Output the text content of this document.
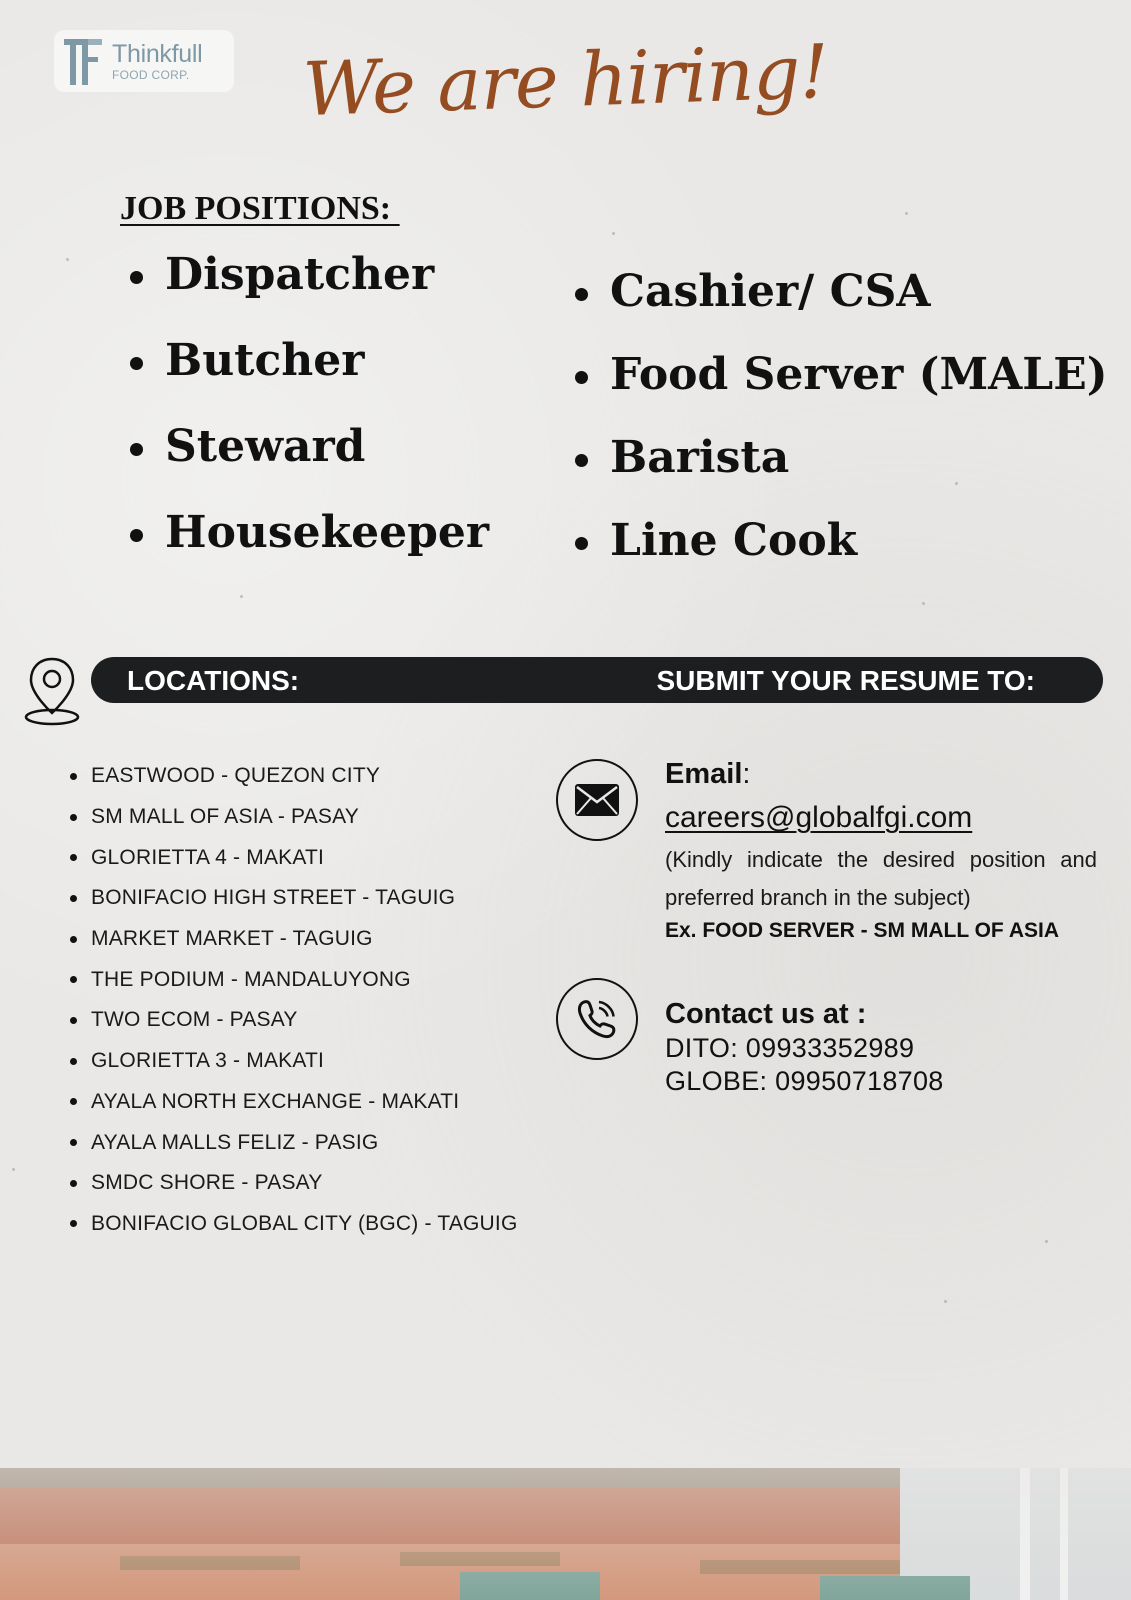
Thinkfull
FOOD CORP.	We are hiring!
JOB POSITIONS:
Dispatcher
Butcher
Steward
Housekeeper
Cashier/ CSA
Food Server (MALE)
Barista
Line Cook
LOCATIONS:	SUBMIT YOUR RESUME TO:
EASTWOOD - QUEZON CITY
SM MALL OF ASIA - PASAY
GLORIETTA 4 - MAKATI
BONIFACIO HIGH STREET - TAGUIG
MARKET MARKET - TAGUIG
THE PODIUM - MANDALUYONG
TWO ECOM - PASAY
GLORIETTA 3 - MAKATI
AYALA NORTH EXCHANGE - MAKATI
AYALA MALLS FELIZ - PASIG
SMDC SHORE - PASAY
BONIFACIO GLOBAL CITY (BGC) - TAGUIG
Email:
careers@globalfgi.com
(Kindly indicate the desired position and preferred branch in the subject)
Ex. FOOD SERVER - SM MALL OF ASIA
Contact us at :
DITO: 09933352989
GLOBE: 09950718708
